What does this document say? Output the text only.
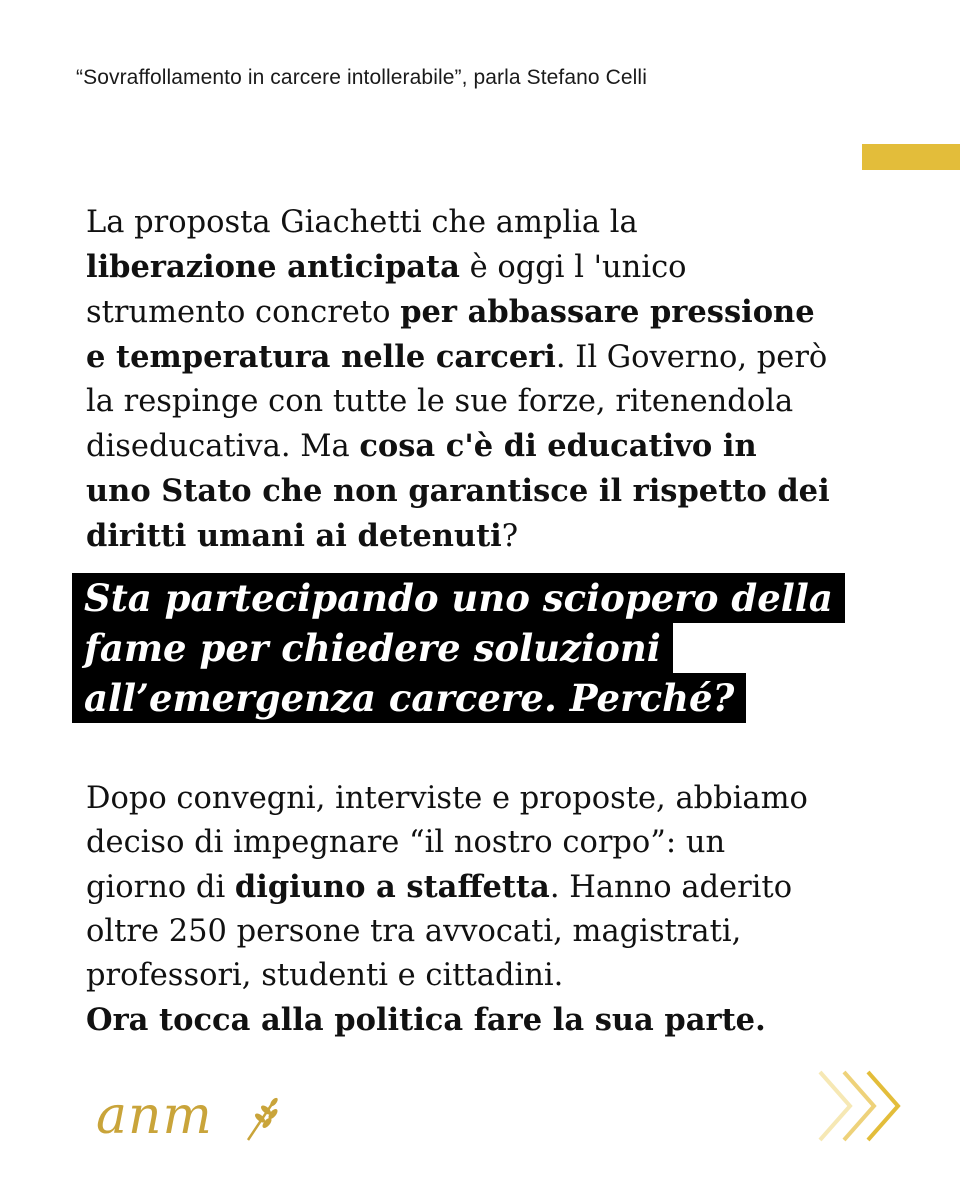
“Sovraffollamento in carcere intollerabile”, parla Stefano Celli
La proposta Giachetti che amplia la
liberazione anticipata è oggi l 'unico
strumento concreto per abbassare pressione
e temperatura nelle carceri. Il Governo, però
la respinge con tutte le sue forze, ritenendola
diseducativa. Ma cosa c'è di educativo in
uno Stato che non garantisce il rispetto dei
diritti umani ai detenuti?
Sta partecipando uno sciopero della
fame per chiedere soluzioni
all’emergenza carcere. Perché?
Dopo convegni, interviste e proposte, abbiamo
deciso di impegnare “il nostro corpo”: un
giorno di digiuno a staffetta. Hanno aderito
oltre 250 persone tra avvocati, magistrati,
professori, studenti e cittadini.
Ora tocca alla politica fare la sua parte.
anm
